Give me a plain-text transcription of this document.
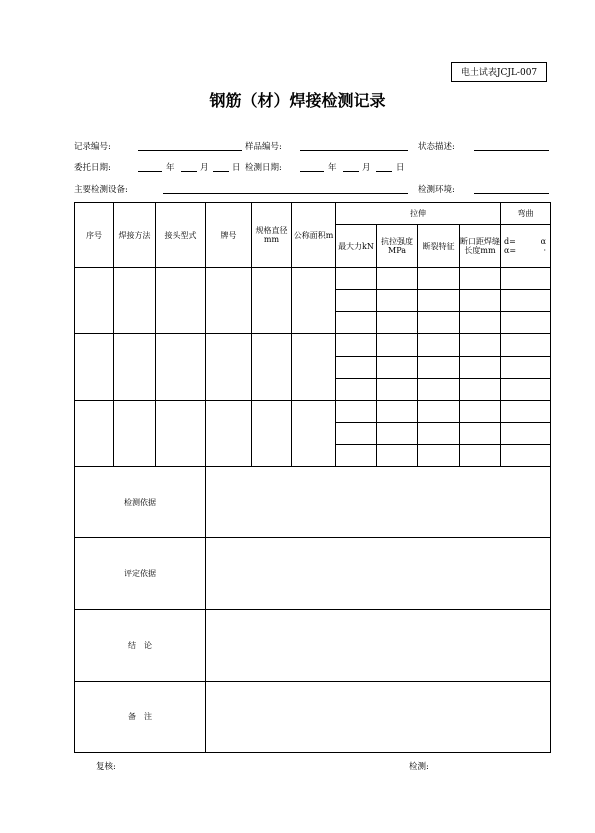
电土试表JCJL-007
钢筋（材）焊接检测记录
记录编号:	样品编号:	状态描述:
委托日期:	年	月	日 检测日期:	年	月	日
主要检测设备:	检测环境:
序号	焊接方法	接头型式	牌号	规格直径mm	公称面积m	拉伸				弯曲
						最大力kN	抗拉强度MPa	断裂特征	断口距焊缝长度mm	d= α
α= ·

检测依据										
评定依据										
结　论										
备　注										
复核:	检测:
